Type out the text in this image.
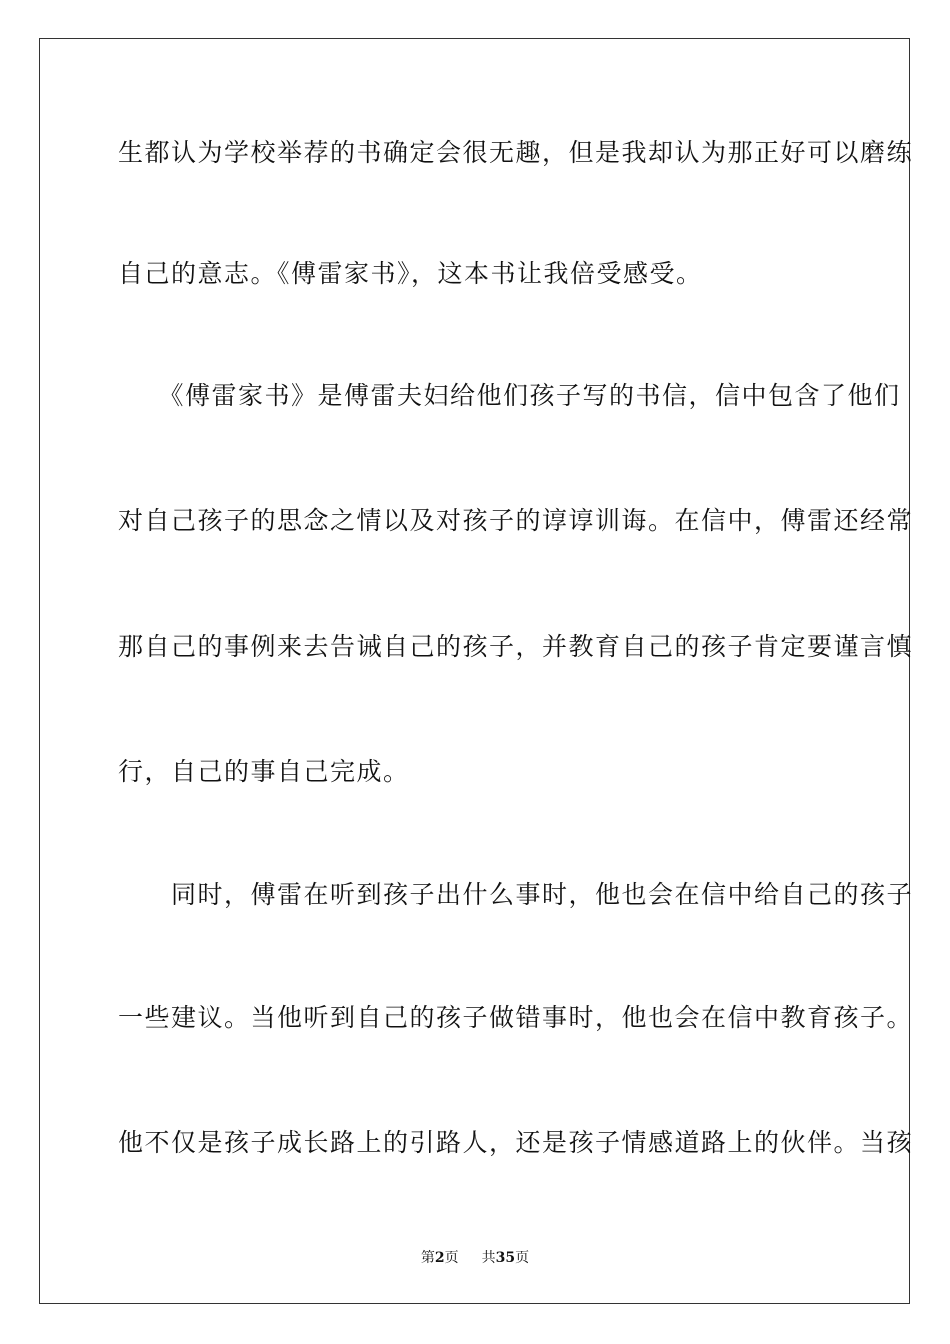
生都认为学校举荐的书确定会很无趣，但是我却认为那正好可以磨练
自己的意志。《傅雷家书》，这本书让我倍受感受。
　　《傅雷家书》是傅雷夫妇给他们孩子写的书信，信中包含了他们
对自己孩子的思念之情以及对孩子的谆谆训诲。在信中，傅雷还经常
那自己的事例来去告诫自己的孩子，并教育自己的孩子肯定要谨言慎
行，自己的事自己完成。
　　同时，傅雷在听到孩子出什么事时，他也会在信中给自己的孩子
一些建议。当他听到自己的孩子做错事时，他也会在信中教育孩子。
他不仅是孩子成长路上的引路人，还是孩子情感道路上的伙伴。当孩
第2页 共35页
